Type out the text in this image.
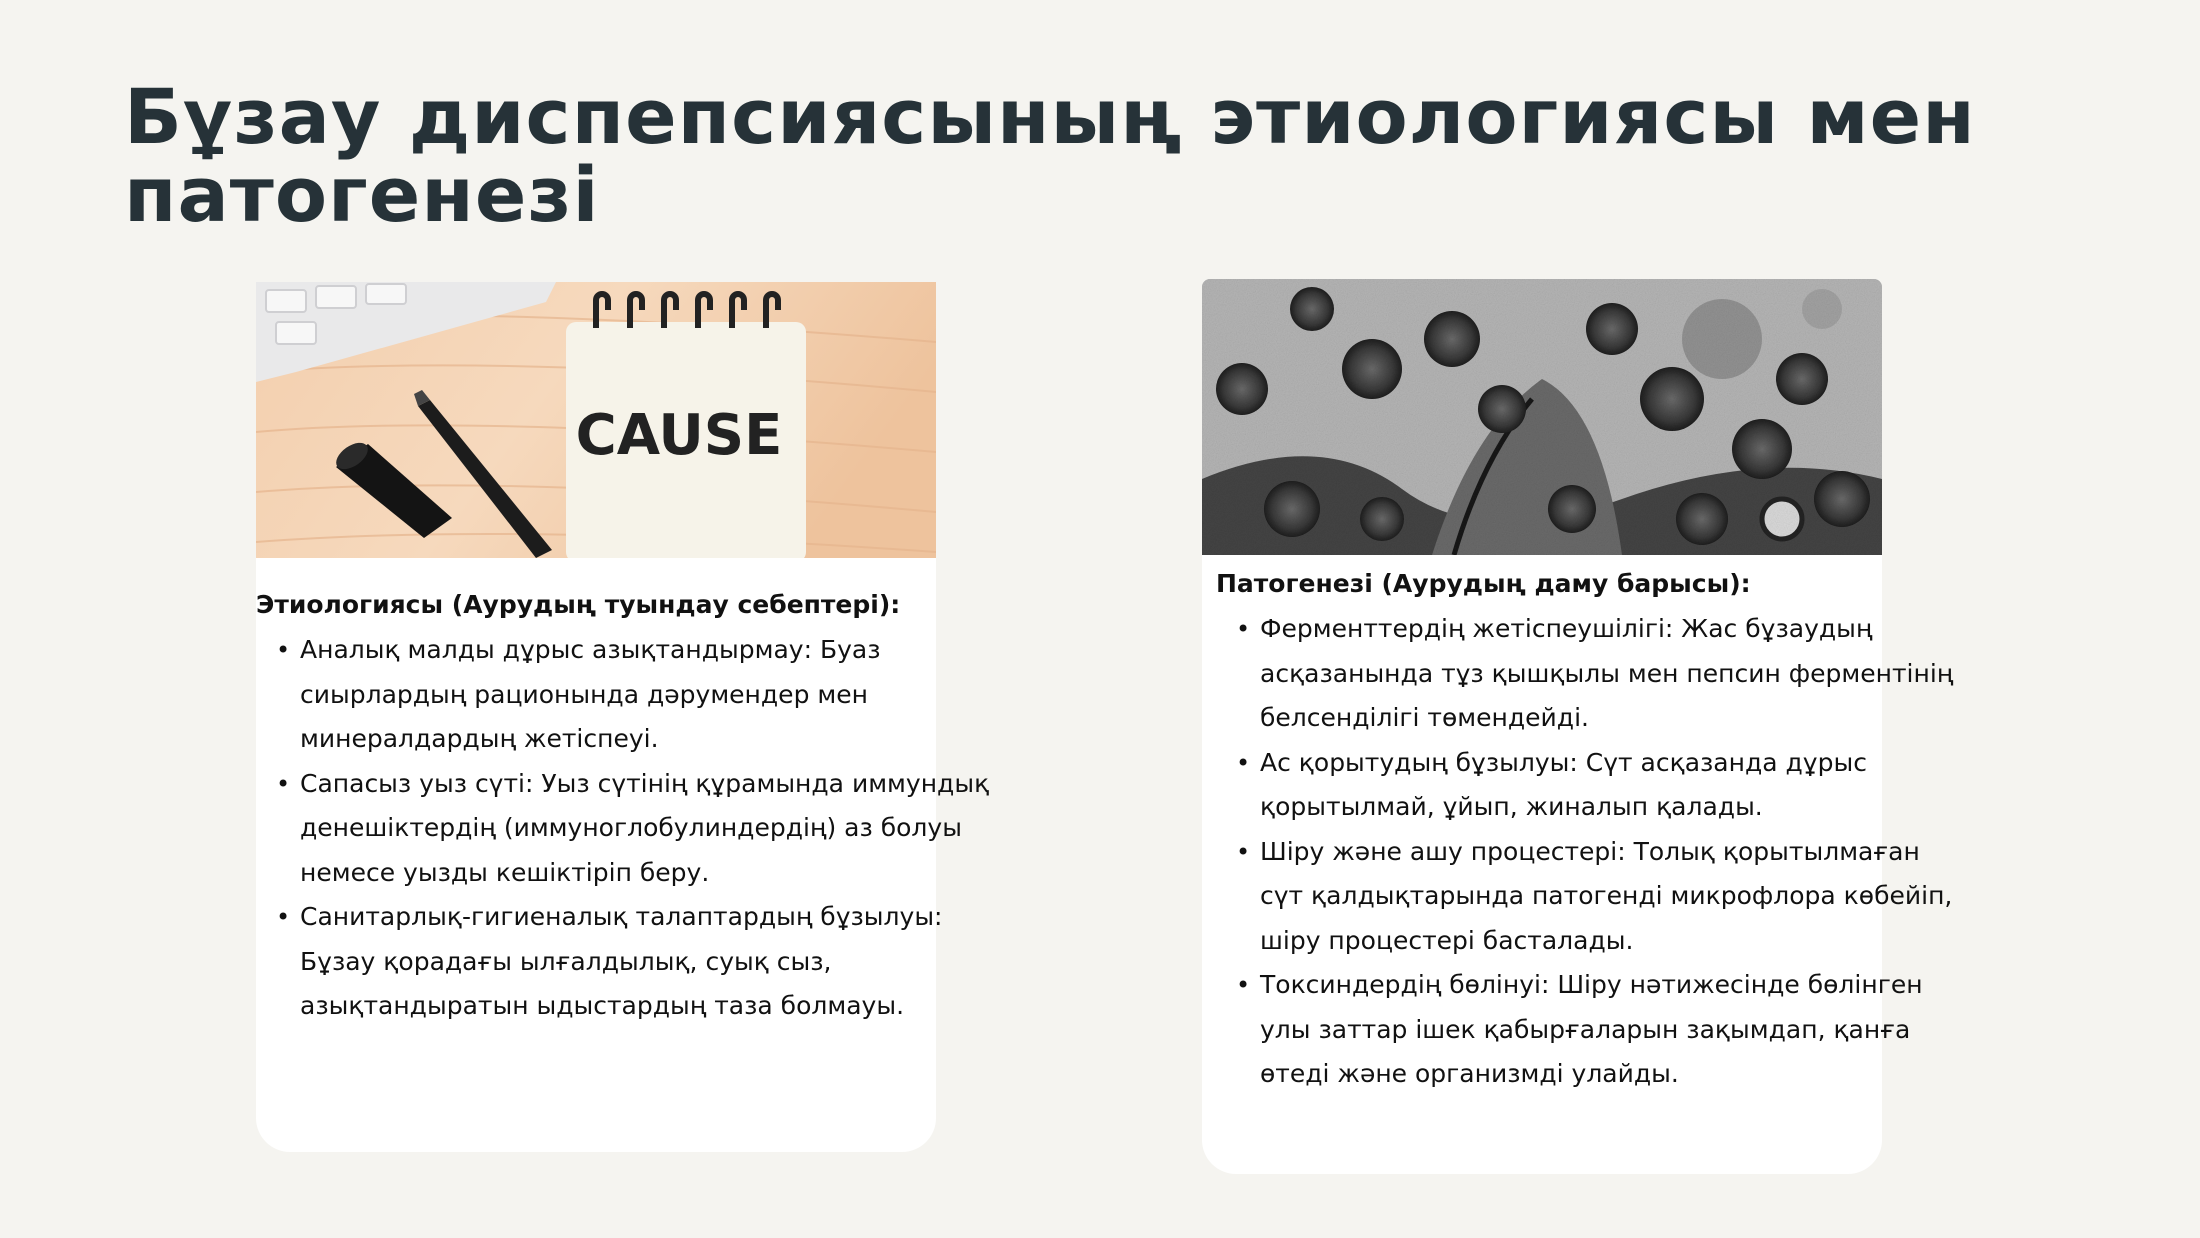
Бұзау диспепсиясының этиологиясы мен патогенезі
CAUSE
Этиологиясы (Аурудың туындау себептері):
• Аналық малды дұрыс азықтандырмау: Буаз сиырлардың рационында дәрумендер мен минералдардың жетіспеуі.
• Сапасыз уыз сүті: Уыз сүтінің құрамында иммундық денешіктердің (иммуноглобулиндердің) аз болуы немесе уызды кешіктіріп беру.
• Санитарлық-гигиеналық талаптардың бұзылуы: Бұзау қорадағы ылғалдылық, суық сыз, азықтандыратын ыдыстардың таза болмауы.
Патогенезі (Аурудың даму барысы):
• Ферменттердің жетіспеушілігі: Жас бұзаудың асқазанында тұз қышқылы мен пепсин ферментінің белсенділігі төмендейді.
• Ас қорытудың бұзылуы: Сүт асқазанда дұрыс қорытылмай, ұйып, жиналып қалады.
• Шіру және ашу процестері: Толық қорытылмаған сүт қалдықтарында патогенді микрофлора көбейіп, шіру процестері басталады.
• Токсиндердің бөлінуі: Шіру нәтижесінде бөлінген улы заттар ішек қабырғаларын зақымдап, қанға өтеді және организмді улайды.
